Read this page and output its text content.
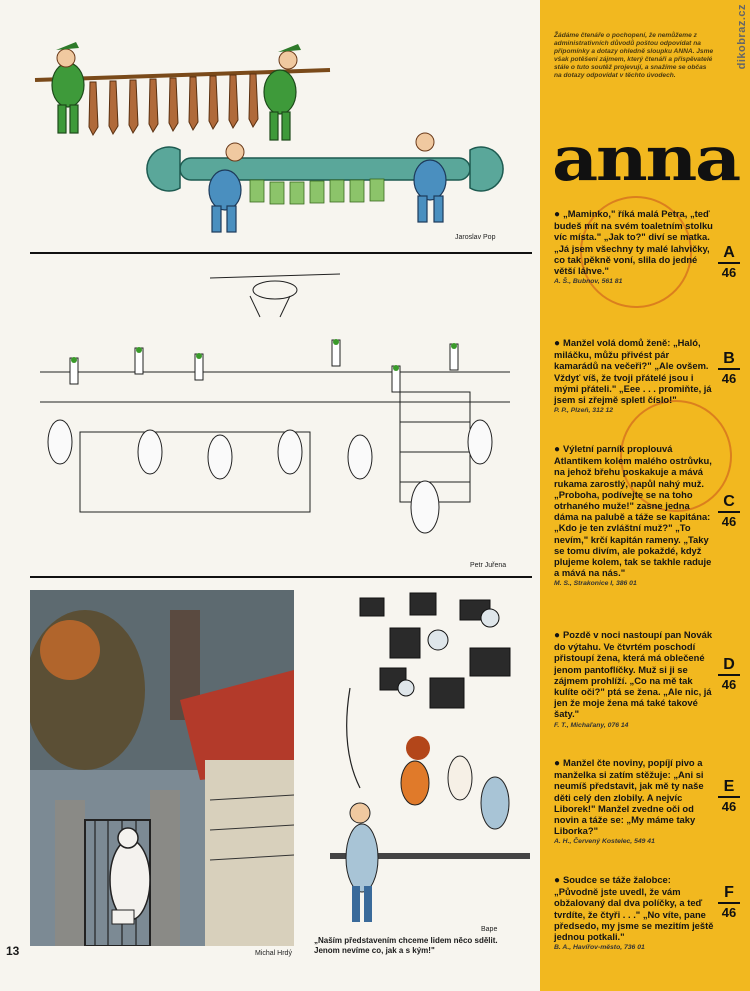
Jaroslav Pop
Petr Juřena
Michal Hrdý
Bape
„Naším představením chceme lidem něco sdělit. Jenom nevíme co, jak a s kým!"
13
dikobraz.cz
Žádáme čtenáře o pochopení, že nemůžeme z administrativních důvodů poštou odpovídat na připomínky a dotazy ohledně sloupku ANNA. Jsme však potěšeni zájmem, který čtenáři a přispěvatelé stále o tuto soutěž projevují, a snažíme se občas na dotazy odpovídat v těchto úvodech.
anna
● „Maminko," říká malá Petra, „teď budeš mít na svém toaletním stolku víc místa." „Jak to?" diví se matka. „Já jsem všechny ty malé lahvičky, co tak pěkně voní, slila do jedné větší láhve."
A. Š., Bubnov, 561 81
A
46
● Manžel volá domů ženě: „Haló, miláčku, můžu přivést pár kamarádů na večeři?" „Ale ovšem. Vždyť víš, že tvoji přátelé jsou i mými přáteli." „Eee . . . promiňte, já jsem si zřejmě spletl číslo!"
P. P., Plzeň, 312 12
B
46
● Výletní parník proplouvá Atlantikem kolem malého ostrůvku, na jehož břehu poskakuje a mává rukama zarostlý, napůl nahý muž. „Proboha, podívejte se na toho otrhaného muže!" zasne jedna dáma na palubě a táže se kapitána: „Kdo je ten zvláštní muž?" „To nevím," krčí kapitán rameny. „Taky se tomu divím, ale pokaždé, když plujeme kolem, tak se takhle raduje a mává na nás."
M. S., Strakonice I, 386 01
C
46
● Pozdě v noci nastoupí pan Novák do výtahu. Ve čtvrtém poschodí přistoupí žena, která má oblečené jenom pantoflíčky. Muž si ji se zájmem prohlíží. „Co na mě tak kulíte oči?" ptá se žena. „Ale nic, já jen že moje žena má také takové šaty."
F. T., Michaľany, 076 14
D
46
● Manžel čte noviny, popíjí pivo a manželka si zatím stěžuje: „Ani si neumíš představit, jak mě ty naše děti celý den zlobily. A nejvíc Liborek!" Manžel zvedne oči od novin a táže se: „My máme taky Liborka?"
A. H., Červený Kostelec, 549 41
E
46
● Soudce se táže žalobce: „Původně jste uvedl, že vám obžalovaný dal dva políčky, a teď tvrdíte, že čtyři . . ." „No víte, pane předsedo, my jsme se mezitím ještě jednou potkali."
B. A., Havířov-město, 736 01
F
46
